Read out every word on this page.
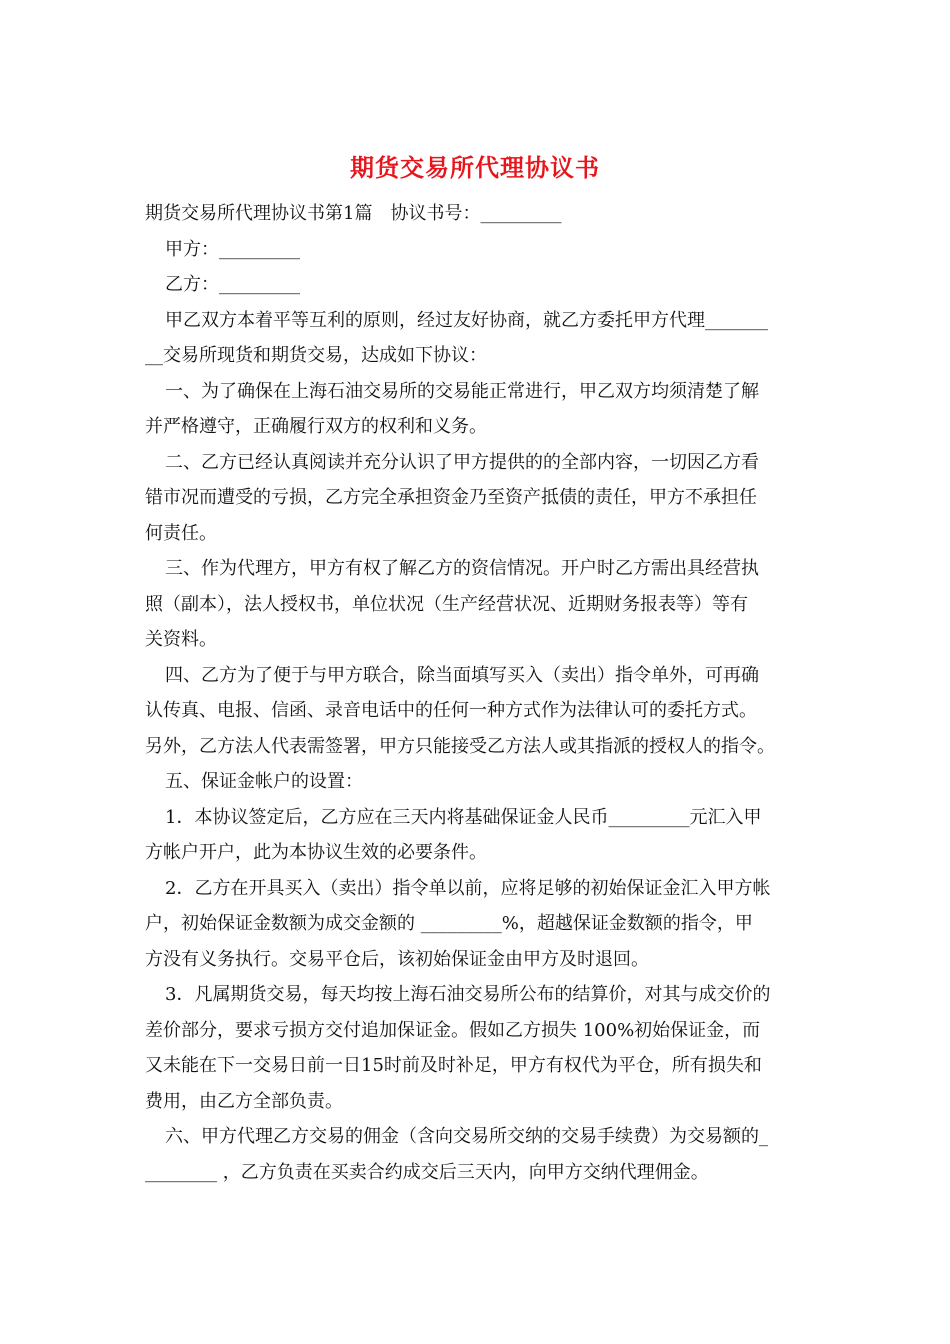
期货交易所代理协议书

期货交易所代理协议书第1篇　协议书号：_________

甲方：_________

乙方：_________

甲乙双方本着平等互利的原则，经过友好协商，就乙方委托甲方代理_______

__交易所现货和期货交易，达成如下协议：

一、为了确保在上海石油交易所的交易能正常进行，甲乙双方均须清楚了解

并严格遵守，正确履行双方的权利和义务。

二、乙方已经认真阅读并充分认识了甲方提供的的全部内容，一切因乙方看

错市况而遭受的亏损，乙方完全承担资金乃至资产抵债的责任，甲方不承担任

何责任。

三、作为代理方，甲方有权了解乙方的资信情况。开户时乙方需出具经营执

照（副本），法人授权书，单位状况（生产经营状况、近期财务报表等）等有

关资料。

四、乙方为了便于与甲方联合，除当面填写买入（卖出）指令单外，可再确

认传真、电报、信函、录音电话中的任何一种方式作为法律认可的委托方式。

另外，乙方法人代表需签署，甲方只能接受乙方法人或其指派的授权人的指令。

五、保证金帐户的设置：

1．本协议签定后，乙方应在三天内将基础保证金人民币_________元汇入甲

方帐户开户，此为本协议生效的必要条件。

2．乙方在开具买入（卖出）指令单以前，应将足够的初始保证金汇入甲方帐

户，初始保证金数额为成交金额的 _________%，超越保证金数额的指令，甲

方没有义务执行。交易平仓后，该初始保证金由甲方及时退回。

3．凡属期货交易，每天均按上海石油交易所公布的结算价，对其与成交价的

差价部分，要求亏损方交付追加保证金。假如乙方损失 100%初始保证金，而

又未能在下一交易日前一日15时前及时补足，甲方有权代为平仓，所有损失和

费用，由乙方全部负责。

六、甲方代理乙方交易的佣金（含向交易所交纳的交易手续费）为交易额的_

________ ，乙方负责在买卖合约成交后三天内，向甲方交纳代理佣金。
